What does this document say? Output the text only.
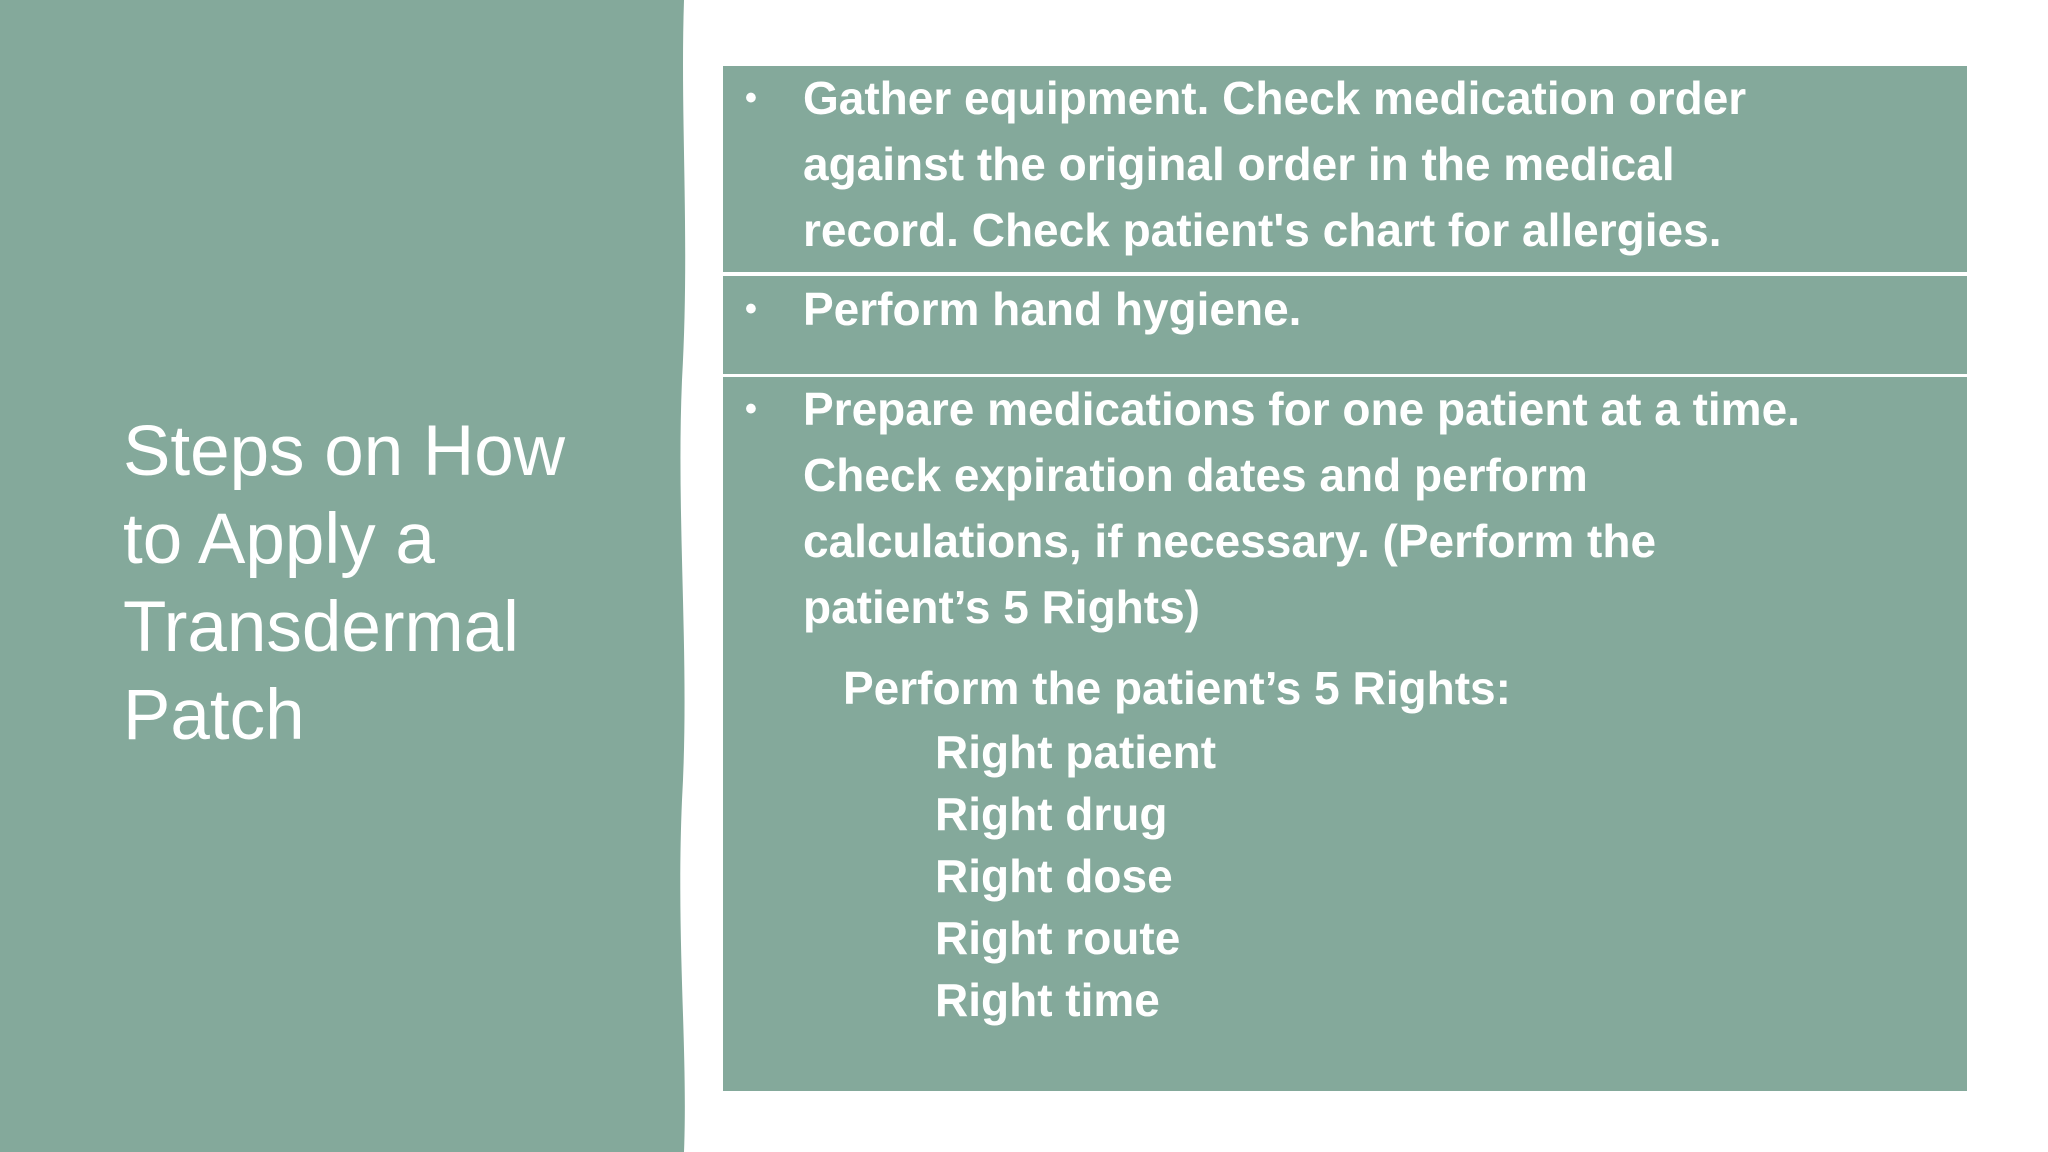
Steps on How to Apply a Transdermal Patch
• Gather equipment. Check medication order
against the original order in the medical
record. Check patient's chart for allergies.
• Perform hand hygiene.
• Prepare medications for one patient at a time.
Check expiration dates and perform
calculations, if necessary. (Perform the
patient’s 5 Rights)
Perform the patient’s 5 Rights:
Right patient
Right drug
Right dose
Right route
Right time
